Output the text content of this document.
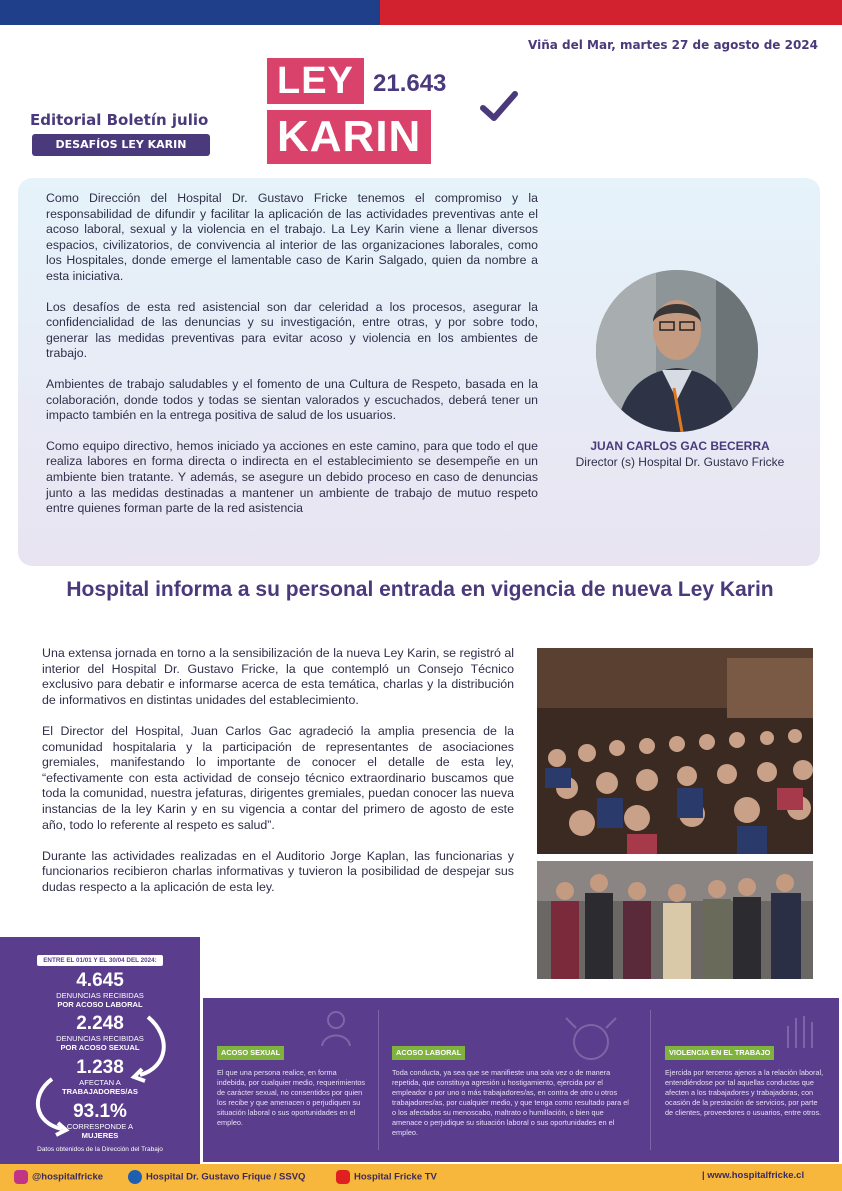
Viña del Mar, martes 27 de agosto de 2024
Editorial Boletín julio
DESAFÍOS LEY KARIN
LEY 21.643
KARIN

Como Dirección del Hospital Dr. Gustavo Fricke tenemos el compromiso y la responsabilidad de difundir y facilitar la aplicación de las actividades preventivas ante el acoso laboral, sexual y la violencia en el trabajo. La Ley Karin viene a llenar diversos espacios, civilizatorios, de convivencia al interior de las organizaciones laborales, como los Hospitales, donde emerge el lamentable caso de Karin Salgado, quien da nombre a esta iniciativa.

Los desafíos de esta red asistencial son dar celeridad a los procesos, asegurar la confidencialidad de las denuncias y su investigación, entre otras, y por sobre todo, generar las medidas preventivas para evitar acoso y violencia en los ambientes de trabajo.

Ambientes de trabajo saludables y el fomento de una Cultura de Respeto, basada en la colaboración, donde todos y todas se sientan valorados y escuchados, deberá tener un impacto también en la entrega positiva de salud de los usuarios.

Como equipo directivo, hemos iniciado ya acciones en este camino, para que todo el que realiza labores en forma directa o indirecta en el establecimiento se desempeñe en un ambiente bien tratante. Y además, se asegure un debido proceso en caso de denuncias junto a las medidas destinadas a mantener un ambiente de trabajo de mutuo respeto entre quienes forman parte de la red asistencia

JUAN CARLOS GAC BECERRA
Director (s) Hospital Dr. Gustavo Fricke
Hospital informa a su personal entrada en vigencia de nueva Ley Karin

Una extensa jornada en torno a la sensibilización de la nueva Ley Karin, se registró al interior del Hospital Dr. Gustavo Fricke, la que contempló un Consejo Técnico exclusivo para debatir e informarse acerca de esta temática, charlas y la distribución de informativos en distintas unidades del establecimiento.

El Director del Hospital, Juan Carlos Gac agradeció la amplia presencia de la comunidad hospitalaria y la participación de representantes de asociaciones gremiales, manifestando lo importante de conocer el detalle de esta ley, “efectivamente con esta actividad de consejo técnico extraordinario buscamos que toda la comunidad, nuestra jefaturas, dirigentes gremiales, puedan conocer las nueva instancias de la ley Karin y en su vigencia a contar del primero de agosto de este año, todo lo referente al respeto es salud”.

Durante las actividades realizadas en el Auditorio Jorge Kaplan, las funcionarias y funcionarios recibieron charlas informativas y tuvieron la posibilidad de despejar sus dudas respecto a la aplicación de esta ley.

ENTRE EL 01/01 Y EL 30/04 DEL 2024:
4.645
DENUNCIAS RECIBIDAS
POR ACOSO LABORAL
2.248
DENUNCIAS RECIBIDAS
POR ACOSO SEXUAL
1.238
AFECTAN A
TRABAJADORES/AS
93.1%
CORRESPONDE A
MUJERES
Datos obtenidos de la Dirección del Trabajo
ACOSO SEXUAL
El que una persona realice, en forma indebida, por cualquier medio, requerimientos de carácter sexual, no consentidos por quien los recibe y que amenacen o perjudiquen su situación laboral o sus oportunidades en el empleo.
ACOSO LABORAL
Toda conducta, ya sea que se manifieste una sola vez o de manera repetida, que constituya agresión u hostigamiento, ejercida por el empleador o por uno o más trabajadores/as, en contra de otro u otros trabajadores/as, por cualquier medio, y que tenga como resultado para el o los afectados su menoscabo, maltrato o humillación, o bien que amenace o perjudique su situación laboral o sus oportunidades en el empleo.
VIOLENCIA EN EL TRABAJO
Ejercida por terceros ajenos a la relación laboral, entendiéndose por tal aquellas conductas que afecten a los trabajadores y trabajadoras, con ocasión de la prestación de servicios, por parte de clientes, proveedores o usuarios, entre otros.
@hospitalfricke	Hospital Dr. Gustavo Frique / SSVQ	Hospital Fricke TV	| www.hospitalfricke.cl
